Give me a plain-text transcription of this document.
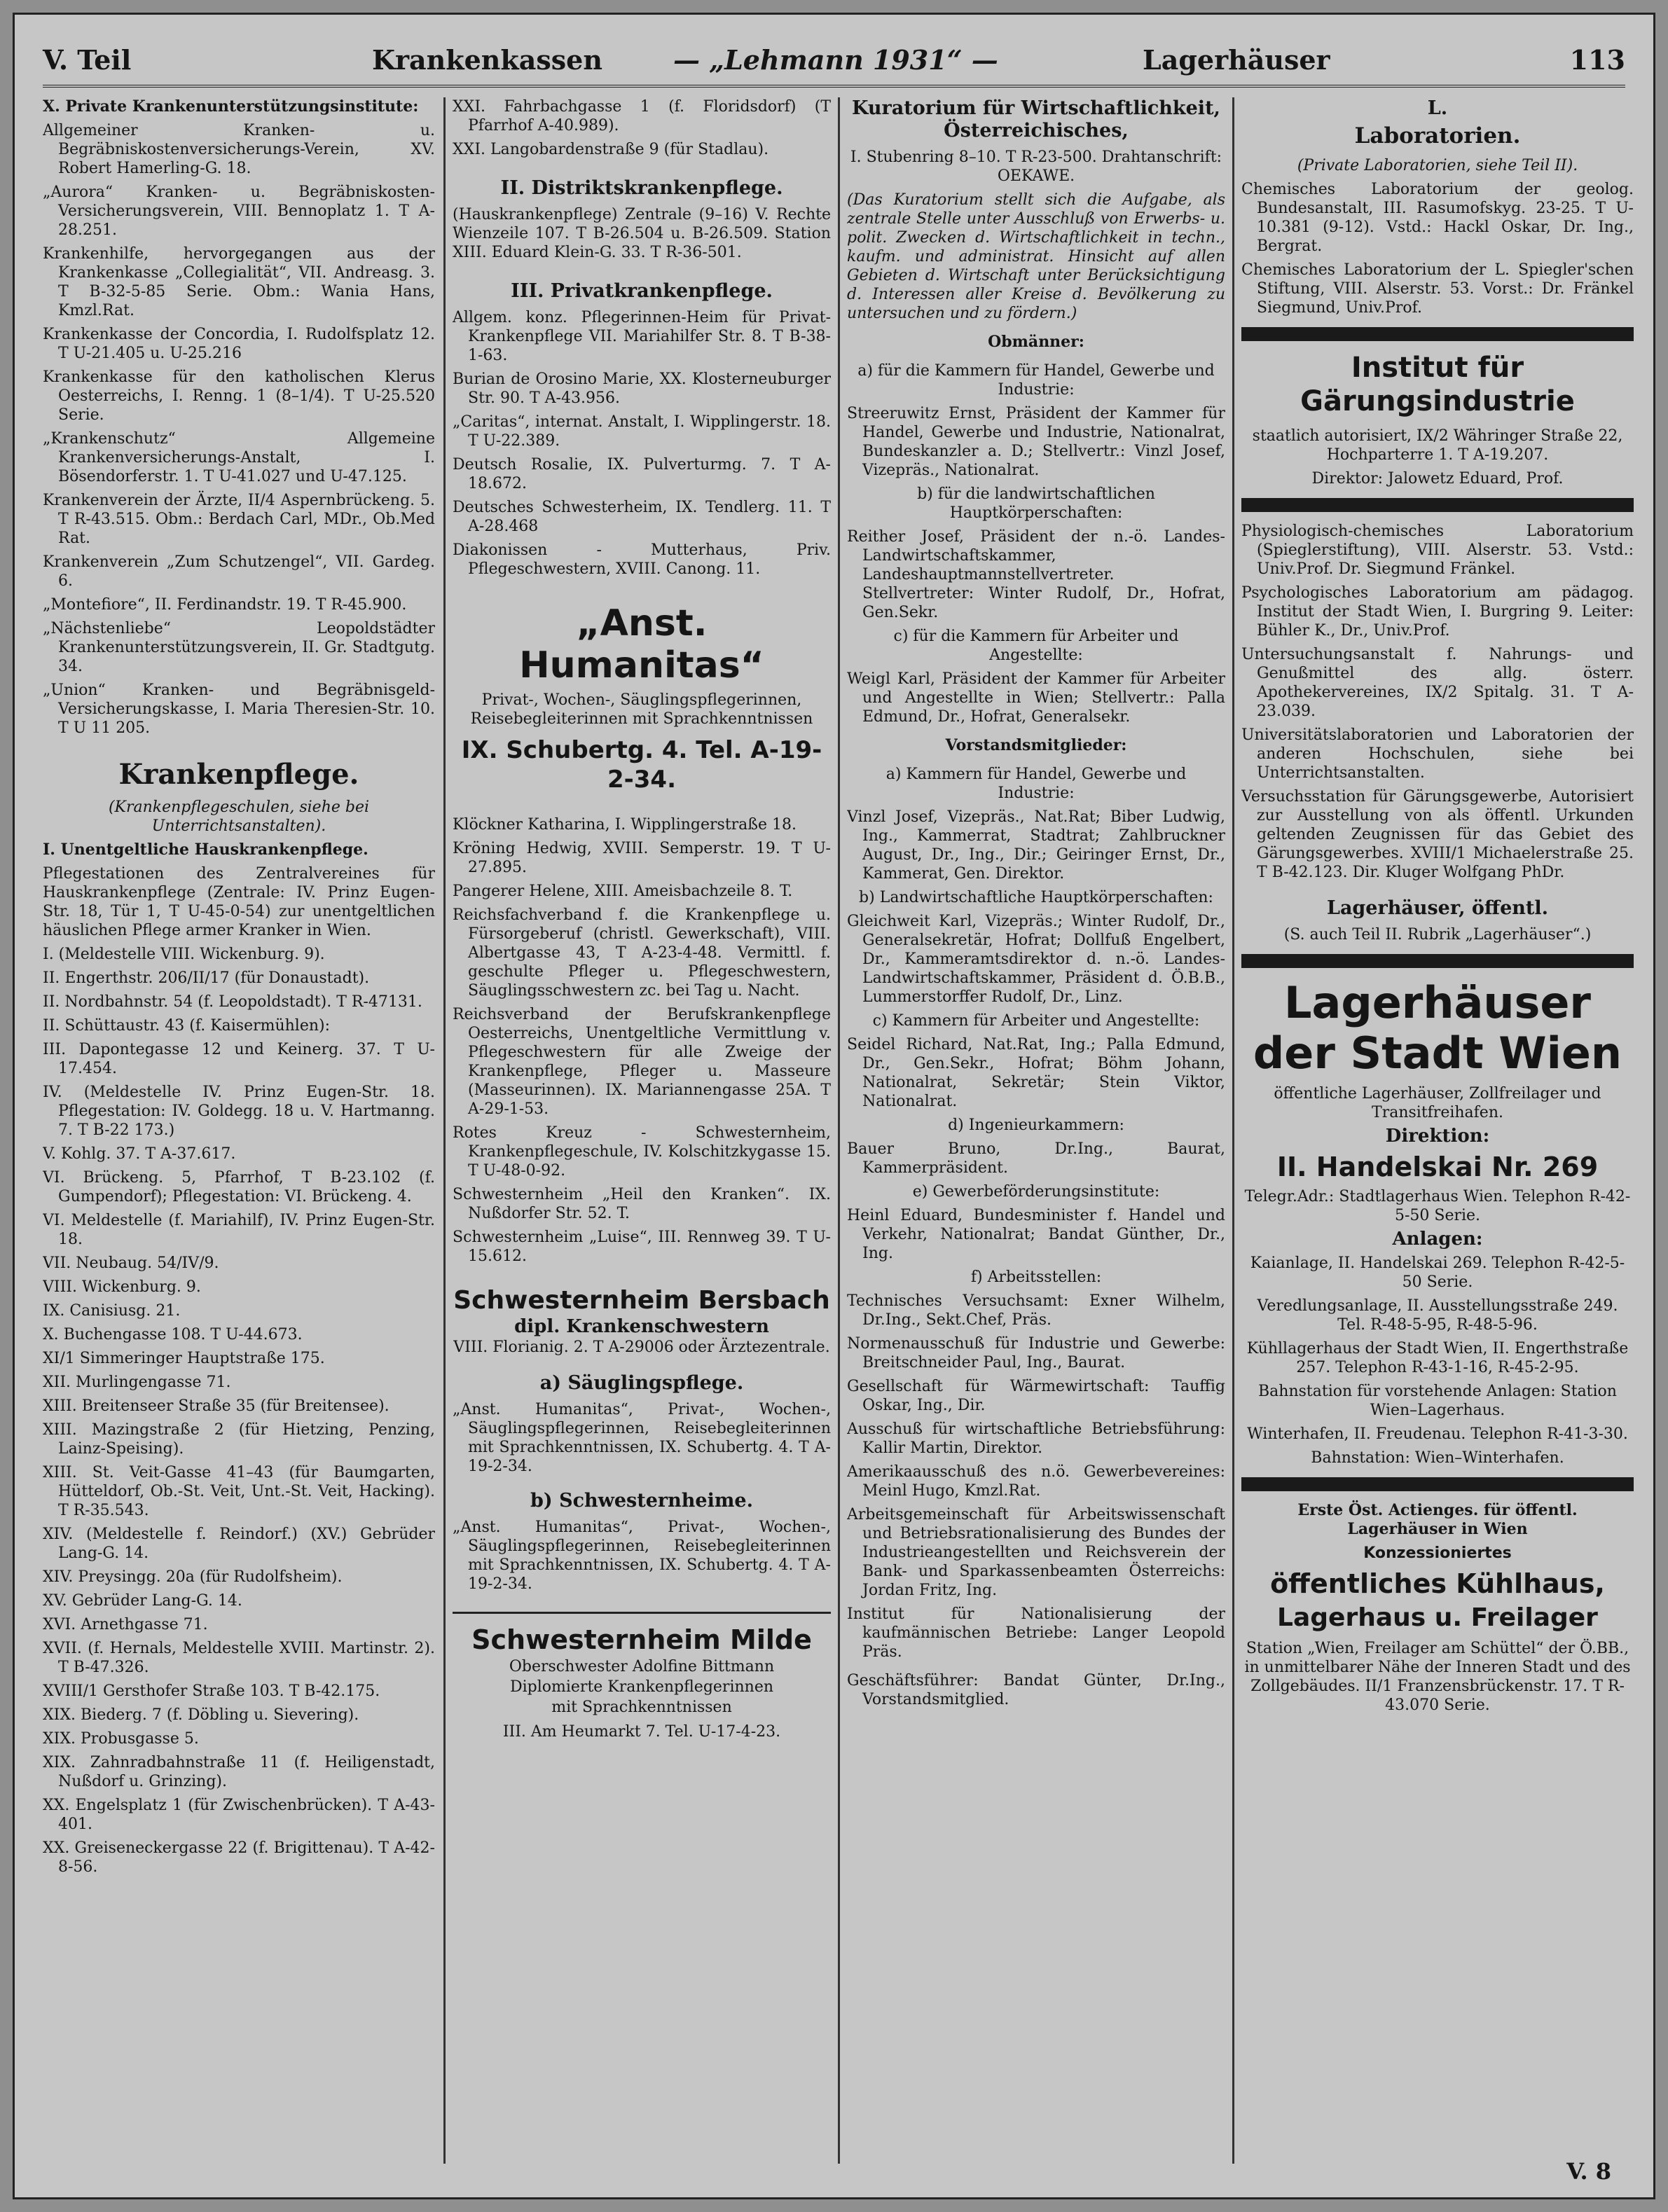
V. Teil	Krankenkassen	— „Lehmann 1931“ —	Lagerhäuser	113

X. Private Krankenunterstützungsinstitute:

Allgemeiner Kranken- u. Begräbniskostenversicherungs-Verein, XV. Robert Hamerling-G. 18.

„Aurora“ Kranken- u. Begräbniskosten-Versicherungsverein, VIII. Bennoplatz 1. T A-28.251.

Krankenhilfe, hervorgegangen aus der Krankenkasse „Collegialität“, VII. Andreasg. 3. T B-32-5-85 Serie. Obm.: Wania Hans, Kmzl.Rat.

Krankenkasse der Concordia, I. Rudolfsplatz 12. T U-21.405 u. U-25.216

Krankenkasse für den katholischen Klerus Oesterreichs, I. Renng. 1 (8–1/4). T U-25.520 Serie.

„Krankenschutz“ Allgemeine Krankenversicherungs-Anstalt, I. Bösendorferstr. 1. T U-41.027 und U-47.125.

Krankenverein der Ärzte, II/4 Aspernbrückeng. 5. T R-43.515. Obm.: Berdach Carl, MDr., Ob.Med Rat.

Krankenverein „Zum Schutzengel“, VII. Gardeg. 6.

„Montefiore“, II. Ferdinandstr. 19. T R-45.900.

„Nächstenliebe“ Leopoldstädter Krankenunterstützungsverein, II. Gr. Stadtgutg. 34.

„Union“ Kranken- und Begräbnisgeld-Versicherungskasse, I. Maria Theresien-Str. 10. T U 11 205.

Krankenpflege.

(Krankenpflegeschulen, siehe bei Unterrichtsanstalten).

I. Unentgeltliche Hauskrankenpflege.

Pflegestationen des Zentralvereines für Hauskrankenpflege (Zentrale: IV. Prinz Eugen-Str. 18, Tür 1, T U-45-0-54) zur unentgeltlichen häuslichen Pflege armer Kranker in Wien.

I. (Meldestelle VIII. Wickenburg. 9).

II. Engerthstr. 206/II/17 (für Donaustadt).

II. Nordbahnstr. 54 (f. Leopoldstadt). T R-47131.

II. Schüttaustr. 43 (f. Kaisermühlen):

III. Dapontegasse 12 und Keinerg. 37. T U-17.454.

IV. (Meldestelle IV. Prinz Eugen-Str. 18. Pflegestation: IV. Goldegg. 18 u. V. Hartmanng. 7. T B-22 173.)

V. Kohlg. 37. T A-37.617.

VI. Brückeng. 5, Pfarrhof, T B-23.102 (f. Gumpendorf); Pflegestation: VI. Brückeng. 4.

VI. Meldestelle (f. Mariahilf), IV. Prinz Eugen-Str. 18.

VII. Neubaug. 54/IV/9.

VIII. Wickenburg. 9.

IX. Canisiusg. 21.

X. Buchengasse 108. T U-44.673.

XI/1 Simmeringer Hauptstraße 175.

XII. Murlingengasse 71.

XIII. Breitenseer Straße 35 (für Breitensee).

XIII. Mazingstraße 2 (für Hietzing, Penzing, Lainz-Speising).

XIII. St. Veit-Gasse 41–43 (für Baumgarten, Hütteldorf, Ob.-St. Veit, Unt.-St. Veit, Hacking). T R-35.543.

XIV. (Meldestelle f. Reindorf.) (XV.) Gebrüder Lang-G. 14.

XIV. Preysingg. 20a (für Rudolfsheim).

XV. Gebrüder Lang-G. 14.

XVI. Arnethgasse 71.

XVII. (f. Hernals, Meldestelle XVIII. Martinstr. 2). T B-47.326.

XVIII/1 Gersthofer Straße 103. T B-42.175.

XIX. Biederg. 7 (f. Döbling u. Sievering).

XIX. Probusgasse 5.

XIX. Zahnradbahnstraße 11 (f. Heiligenstadt, Nußdorf u. Grinzing).

XX. Engelsplatz 1 (für Zwischenbrücken). T A-43-401.

XX. Greiseneckergasse 22 (f. Brigittenau). T A-42-8-56.

XXI. Fahrbachgasse 1 (f. Floridsdorf) (T Pfarrhof A-40.989).

XXI. Langobardenstraße 9 (für Stadlau).

II. Distriktskrankenpflege.

(Hauskrankenpflege) Zentrale (9–16) V. Rechte Wienzeile 107. T B-26.504 u. B-26.509. Station XIII. Eduard Klein-G. 33. T R-36-501.

III. Privatkrankenpflege.

Allgem. konz. Pflegerinnen-Heim für Privat-Krankenpflege VII. Mariahilfer Str. 8. T B-38-1-63.

Burian de Orosino Marie, XX. Klosterneuburger Str. 90. T A-43.956.

„Caritas“, internat. Anstalt, I. Wipplingerstr. 18. T U-22.389.

Deutsch Rosalie, IX. Pulverturmg. 7. T A-18.672.

Deutsches Schwesterheim, IX. Tendlerg. 11. T A-28.468

Diakonissen - Mutterhaus, Priv. Pflegeschwestern, XVIII. Canong. 11.

„Anst. Humanitas“

Privat-, Wochen-, Säuglingspflegerinnen, Reisebegleiterinnen mit Sprachkenntnissen

IX. Schubertg. 4. Tel. A-19-2-34.

Klöckner Katharina, I. Wipplingerstraße 18.

Kröning Hedwig, XVIII. Semperstr. 19. T U-27.895.

Pangerer Helene, XIII. Ameisbachzeile 8. T.

Reichsfachverband f. die Krankenpflege u. Fürsorgeberuf (christl. Gewerkschaft), VIII. Albertgasse 43, T A-23-4-48. Vermittl. f. geschulte Pfleger u. Pflegeschwestern, Säuglingsschwestern zc. bei Tag u. Nacht.

Reichsverband der Berufskrankenpflege Oesterreichs, Unentgeltliche Vermittlung v. Pflegeschwestern für alle Zweige der Krankenpflege, Pfleger u. Masseure (Masseurinnen). IX. Mariannengasse 25A. T A-29-1-53.

Rotes Kreuz - Schwesternheim, Krankenpflegeschule, IV. Kolschitzkygasse 15. T U-48-0-92.

Schwesternheim „Heil den Kranken“. IX. Nußdorfer Str. 52. T.

Schwesternheim „Luise“, III. Rennweg 39. T U-15.612.

Schwesternheim Bersbach

dipl. Krankenschwestern

VIII. Florianig. 2. T A-29006 oder Ärztezentrale.

a) Säuglingspflege.

„Anst. Humanitas“, Privat-, Wochen-, Säuglingspflegerinnen, Reisebegleiterinnen mit Sprachkenntnissen, IX. Schubertg. 4. T A-19-2-34.

b) Schwesternheime.

„Anst. Humanitas“, Privat-, Wochen-, Säuglingspflegerinnen, Reisebegleiterinnen mit Sprachkenntnissen, IX. Schubertg. 4. T A-19-2-34.

Schwesternheim Milde

Oberschwester Adolfine Bittmann

Diplomierte Krankenpflegerinnen

mit Sprachkenntnissen

III. Am Heumarkt 7. Tel. U-17-4-23.

Kuratorium für Wirtschaftlichkeit, Österreichisches,

I. Stubenring 8–10. T R-23-500. Drahtanschrift: OEKAWE.

(Das Kuratorium stellt sich die Aufgabe, als zentrale Stelle unter Ausschluß von Erwerbs- u. polit. Zwecken d. Wirtschaftlichkeit in techn., kaufm. und administrat. Hinsicht auf allen Gebieten d. Wirtschaft unter Berücksichtigung d. Interessen aller Kreise d. Bevölkerung zu untersuchen und zu fördern.)

Obmänner:

a) für die Kammern für Handel, Gewerbe und Industrie:

Streeruwitz Ernst, Präsident der Kammer für Handel, Gewerbe und Industrie, Nationalrat, Bundeskanzler a. D.; Stellvertr.: Vinzl Josef, Vizepräs., Nationalrat.

b) für die landwirtschaftlichen Hauptkörperschaften:

Reither Josef, Präsident der n.-ö. Landes-Landwirtschaftskammer, Landeshauptmannstellvertreter. Stellvertreter: Winter Rudolf, Dr., Hofrat, Gen.Sekr.

c) für die Kammern für Arbeiter und Angestellte:

Weigl Karl, Präsident der Kammer für Arbeiter und Angestellte in Wien; Stellvertr.: Palla Edmund, Dr., Hofrat, Generalsekr.

Vorstandsmitglieder:

a) Kammern für Handel, Gewerbe und Industrie:

Vinzl Josef, Vizepräs., Nat.Rat; Biber Ludwig, Ing., Kammerrat, Stadtrat; Zahlbruckner August, Dr., Ing., Dir.; Geiringer Ernst, Dr., Kammerat, Gen. Direktor.

b) Landwirtschaftliche Hauptkörperschaften:

Gleichweit Karl, Vizepräs.; Winter Rudolf, Dr., Generalsekretär, Hofrat; Dollfuß Engelbert, Dr., Kammeramtsdirektor d. n.-ö. Landes-Landwirtschaftskammer, Präsident d. Ö.B.B., Lummerstorffer Rudolf, Dr., Linz.

c) Kammern für Arbeiter und Angestellte:

Seidel Richard, Nat.Rat, Ing.; Palla Edmund, Dr., Gen.Sekr., Hofrat; Böhm Johann, Nationalrat, Sekretär; Stein Viktor, Nationalrat.

d) Ingenieurkammern:

Bauer Bruno, Dr.Ing., Baurat, Kammerpräsident.

e) Gewerbeförderungsinstitute:

Heinl Eduard, Bundesminister f. Handel und Verkehr, Nationalrat; Bandat Günther, Dr., Ing.

f) Arbeitsstellen:

Technisches Versuchsamt: Exner Wilhelm, Dr.Ing., Sekt.Chef, Präs.

Normenausschuß für Industrie und Gewerbe: Breitschneider Paul, Ing., Baurat.

Gesellschaft für Wärmewirtschaft: Tauffig Oskar, Ing., Dir.

Ausschuß für wirtschaftliche Betriebsführung: Kallir Martin, Direktor.

Amerikaausschuß des n.ö. Gewerbevereines: Meinl Hugo, Kmzl.Rat.

Arbeitsgemeinschaft für Arbeitswissenschaft und Betriebsrationalisierung des Bundes der Industrieangestellten und Reichsverein der Bank- und Sparkassenbeamten Österreichs: Jordan Fritz, Ing.

Institut für Nationalisierung der kaufmännischen Betriebe: Langer Leopold Präs.

Geschäftsführer: Bandat Günter, Dr.Ing., Vorstandsmitglied.

L.

Laboratorien.

(Private Laboratorien, siehe Teil II).

Chemisches Laboratorium der geolog. Bundesanstalt, III. Rasumofskyg. 23-25. T U-10.381 (9-12). Vstd.: Hackl Oskar, Dr. Ing., Bergrat.

Chemisches Laboratorium der L. Spiegler'schen Stiftung, VIII. Alserstr. 53. Vorst.: Dr. Fränkel Siegmund, Univ.Prof.

Institut für Gärungsindustrie

staatlich autorisiert, IX/2 Währinger Straße 22, Hochparterre 1. T A-19.207.

Direktor: Jalowetz Eduard, Prof.

Physiologisch-chemisches Laboratorium (Spieglerstiftung), VIII. Alserstr. 53. Vstd.: Univ.Prof. Dr. Siegmund Fränkel.

Psychologisches Laboratorium am pädagog. Institut der Stadt Wien, I. Burgring 9. Leiter: Bühler K., Dr., Univ.Prof.

Untersuchungsanstalt f. Nahrungs- und Genußmittel des allg. österr. Apothekervereines, IX/2 Spitalg. 31. T A-23.039.

Universitätslaboratorien und Laboratorien der anderen Hochschulen, siehe bei Unterrichtsanstalten.

Versuchsstation für Gärungsgewerbe, Autorisiert zur Ausstellung von als öffentl. Urkunden geltenden Zeugnissen für das Gebiet des Gärungsgewerbes. XVIII/1 Michaelerstraße 25. T B-42.123. Dir. Kluger Wolfgang PhDr.

Lagerhäuser, öffentl.

(S. auch Teil II. Rubrik „Lagerhäuser“.)

Lagerhäuser

der Stadt Wien

öffentliche Lagerhäuser, Zollfreilager und Transitfreihafen.

Direktion:

II. Handelskai Nr. 269

Telegr.Adr.: Stadtlagerhaus Wien. Telephon R-42-5-50 Serie.

Anlagen:

Kaianlage, II. Handelskai 269. Telephon R-42-5-50 Serie.

Veredlungsanlage, II. Ausstellungsstraße 249. Tel. R-48-5-95, R-48-5-96.

Kühllagerhaus der Stadt Wien, II. Engerthstraße 257. Telephon R-43-1-16, R-45-2-95.

Bahnstation für vorstehende Anlagen: Station Wien–Lagerhaus.

Winterhafen, II. Freudenau. Telephon R-41-3-30.

Bahnstation: Wien–Winterhafen.

Erste Öst. Actienges. für öffentl. Lagerhäuser in Wien

Konzessioniertes

öffentliches Kühlhaus,

Lagerhaus u. Freilager

Station „Wien, Freilager am Schüttel“ der Ö.BB., in unmittelbarer Nähe der Inneren Stadt und des Zollgebäudes. II/1 Franzensbrückenstr. 17. T R-43.070 Serie.

V. 8
